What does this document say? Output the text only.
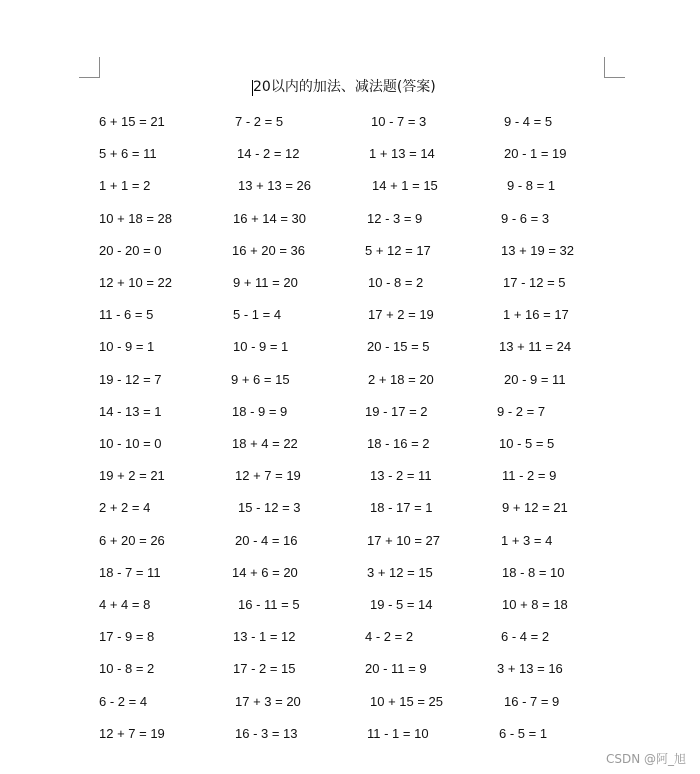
20以内的加法、减法题(答案)
6 + 15 = 21	7 - 2 = 5	10 - 7 = 3	9 - 4 = 5
5 + 6 = 11	14 - 2 = 12	1 + 13 = 14	20 - 1 = 19
1 + 1 = 2	13 + 13 = 26	14 + 1 = 15	9 - 8 = 1
10 + 18 = 28	16 + 14 = 30	12 - 3 = 9	9 - 6 = 3
20 - 20 = 0	16 + 20 = 36	5 + 12 = 17	13 + 19 = 32
12 + 10 = 22	9 + 11 = 20	10 - 8 = 2	17 - 12 = 5
11 - 6 = 5	5 - 1 = 4	17 + 2 = 19	1 + 16 = 17
10 - 9 = 1	10 - 9 = 1	20 - 15 = 5	13 + 11 = 24
19 - 12 = 7	9 + 6 = 15	2 + 18 = 20	20 - 9 = 11
14 - 13 = 1	18 - 9 = 9	19 - 17 = 2	9 - 2 = 7
10 - 10 = 0	18 + 4 = 22	18 - 16 = 2	10 - 5 = 5
19 + 2 = 21	12 + 7 = 19	13 - 2 = 11	11 - 2 = 9
2 + 2 = 4	15 - 12 = 3	18 - 17 = 1	9 + 12 = 21
6 + 20 = 26	20 - 4 = 16	17 + 10 = 27	1 + 3 = 4
18 - 7 = 11	14 + 6 = 20	3 + 12 = 15	18 - 8 = 10
4 + 4 = 8	16 - 11 = 5	19 - 5 = 14	10 + 8 = 18
17 - 9 = 8	13 - 1 = 12	4 - 2 = 2	6 - 4 = 2
10 - 8 = 2	17 - 2 = 15	20 - 11 = 9	3 + 13 = 16
6 - 2 = 4	17 + 3 = 20	10 + 15 = 25	16 - 7 = 9
12 + 7 = 19	16 - 3 = 13	11 - 1 = 10	6 - 5 = 1
CSDN @阿_旭
